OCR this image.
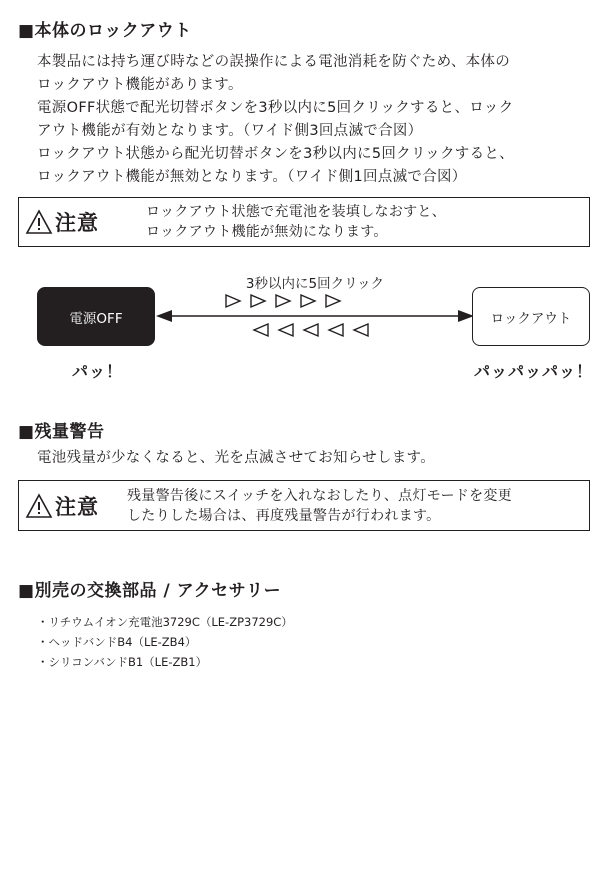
■本体のロックアウト

本製品には持ち運び時などの誤操作による電池消耗を防ぐため、本体の

ロックアウト機能があります。

電源OFF状態で配光切替ボタンを3秒以内に5回クリックすると、ロック

アウト機能が有効となります。（ワイド側3回点滅で合図）

ロックアウト状態から配光切替ボタンを3秒以内に5回クリックすると、

ロックアウト機能が無効となります。（ワイド側1回点滅で合図）

注意	ロックアウト状態で充電池を装填しなおすと、
ロックアウト機能が無効になります。
3秒以内に5回クリック
電源OFF	ロックアウト
パッ！	パッパッパッ！
■残量警告

電池残量が少なくなると、光を点滅させてお知らせします。

注意 残量警告後にスイッチを入れなおしたり、点灯モードを変更
したりした場合は、再度残量警告が行われます。
■別売の交換部品 / アクセサリー
・リチウムイオン充電池3729C（LE-ZP3729C）
・ヘッドバンドB4（LE-ZB4）
・シリコンバンドB1（LE-ZB1）
